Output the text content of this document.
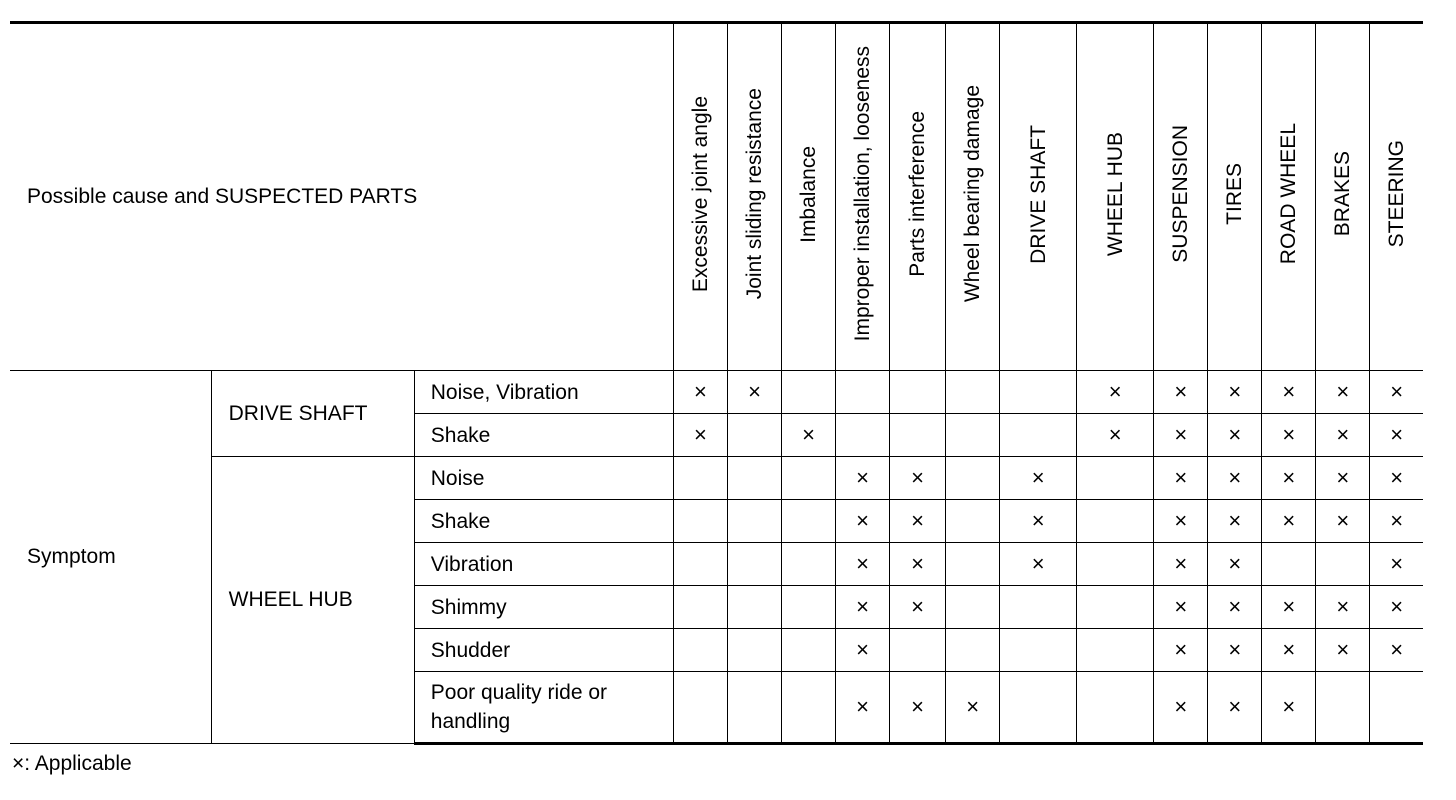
Possible cause and SUSPECTED PARTS			Excessive joint angle	Joint sliding resistance	Imbalance	Improper installation, looseness	Parts interference	Wheel bearing damage	DRIVE SHAFT	WHEEL HUB	SUSPENSION	TIRES	ROAD WHEEL	BRAKES	STEERING
Symptom	DRIVE SHAFT	Noise, Vibration	×	×						×	×	×	×	×	×
		Shake	×		×					×	×	×	×	×	×
	WHEEL HUB	Noise				×	×		×		×	×	×	×	×
		Shake				×	×		×		×	×	×	×	×
		Vibration				×	×		×		×	×			×
		Shimmy				×	×				×	×	×	×	×
		Shudder				×					×	×	×	×	×
		Poor quality ride or handling				×	×	×			×	×	×		
×: Applicable
